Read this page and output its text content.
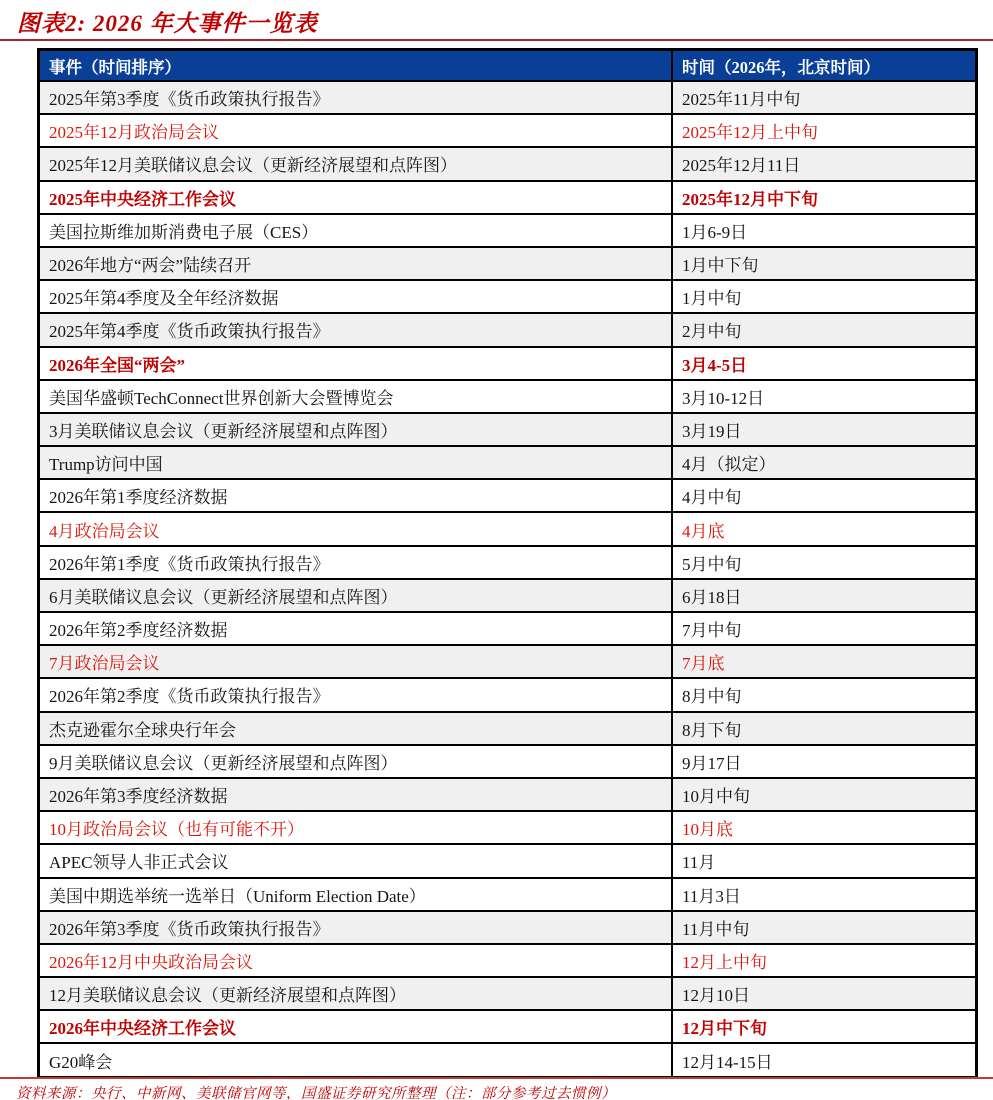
图表2: 2026 年大事件一览表
事件（时间排序）	时间（2026年，北京时间）
2025年第3季度《货币政策执行报告》	2025年11月中旬
2025年12月政治局会议	2025年12月上中旬
2025年12月美联储议息会议（更新经济展望和点阵图）	2025年12月11日
2025年中央经济工作会议	2025年12月中下旬
美国拉斯维加斯消费电子展（CES）	1月6-9日
2026年地方“两会”陆续召开	1月中下旬
2025年第4季度及全年经济数据	1月中旬
2025年第4季度《货币政策执行报告》	2月中旬
2026年全国“两会”	3月4-5日
美国华盛顿TechConnect世界创新大会暨博览会	3月10-12日
3月美联储议息会议（更新经济展望和点阵图）	3月19日
Trump访问中国	4月（拟定）
2026年第1季度经济数据	4月中旬
4月政治局会议	4月底
2026年第1季度《货币政策执行报告》	5月中旬
6月美联储议息会议（更新经济展望和点阵图）	6月18日
2026年第2季度经济数据	7月中旬
7月政治局会议	7月底
2026年第2季度《货币政策执行报告》	8月中旬
杰克逊霍尔全球央行年会	8月下旬
9月美联储议息会议（更新经济展望和点阵图）	9月17日
2026年第3季度经济数据	10月中旬
10月政治局会议（也有可能不开）	10月底
APEC领导人非正式会议	11月
美国中期选举统一选举日（Uniform Election Date）	11月3日
2026年第3季度《货币政策执行报告》	11月中旬
2026年12月中央政治局会议	12月上中旬
12月美联储议息会议（更新经济展望和点阵图）	12月10日
2026年中央经济工作会议	12月中下旬
G20峰会	12月14-15日
资料来源：央行、中新网、美联储官网等，国盛证券研究所整理（注：部分参考过去惯例）
